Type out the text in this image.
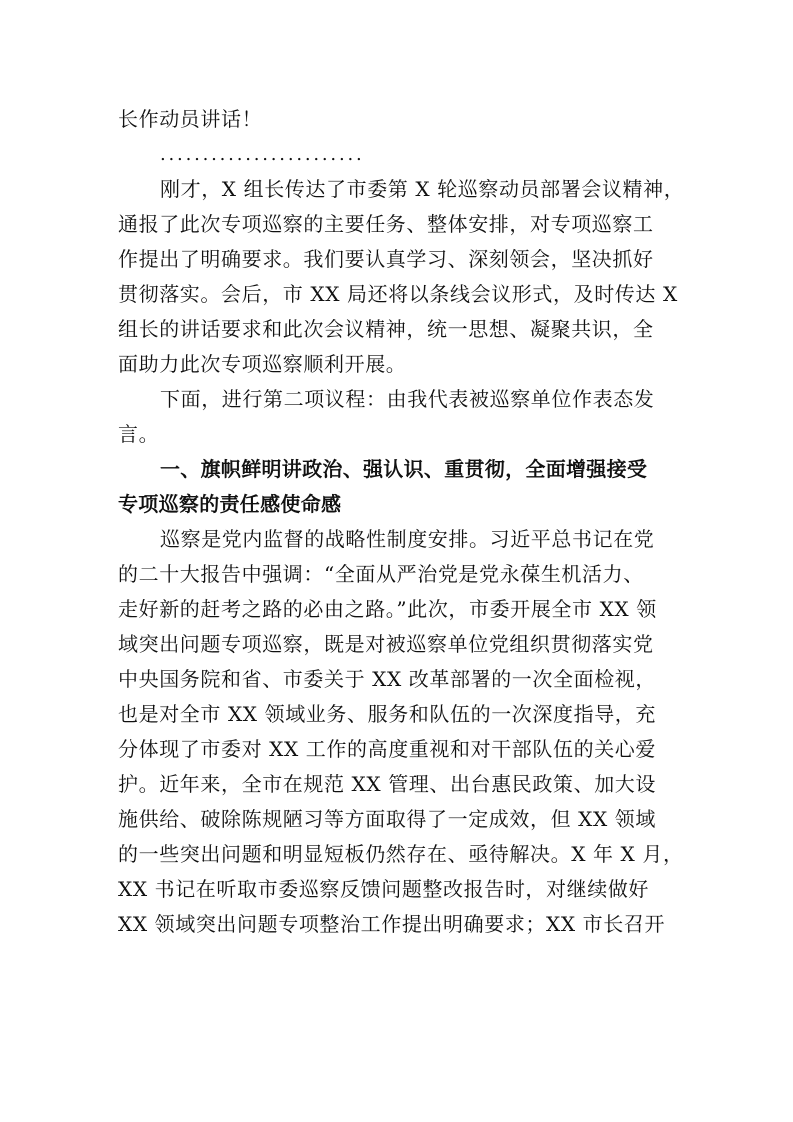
长作动员讲话！
........................
刚才，X 组长传达了市委第 X 轮巡察动员部署会议精神，
通报了此次专项巡察的主要任务、整体安排，对专项巡察工
作提出了明确要求。我们要认真学习、深刻领会，坚决抓好
贯彻落实。会后，市 XX 局还将以条线会议形式，及时传达 X
组长的讲话要求和此次会议精神，统一思想、凝聚共识，全
面助力此次专项巡察顺利开展。
下面，进行第二项议程：由我代表被巡察单位作表态发
言。
一、旗帜鲜明讲政治、强认识、重贯彻，全面增强接受
专项巡察的责任感使命感
巡察是党内监督的战略性制度安排。习近平总书记在党
的二十大报告中强调：“全面从严治党是党永葆生机活力、
走好新的赶考之路的必由之路。”此次，市委开展全市 XX 领
域突出问题专项巡察，既是对被巡察单位党组织贯彻落实党
中央国务院和省、市委关于 XX 改革部署的一次全面检视，
也是对全市 XX 领域业务、服务和队伍的一次深度指导，充
分体现了市委对 XX 工作的高度重视和对干部队伍的关心爱
护。近年来，全市在规范 XX 管理、出台惠民政策、加大设
施供给、破除陈规陋习等方面取得了一定成效，但 XX 领域
的一些突出问题和明显短板仍然存在、亟待解决。X 年 X 月，
XX 书记在听取市委巡察反馈问题整改报告时，对继续做好
XX 领域突出问题专项整治工作提出明确要求；XX 市长召开
